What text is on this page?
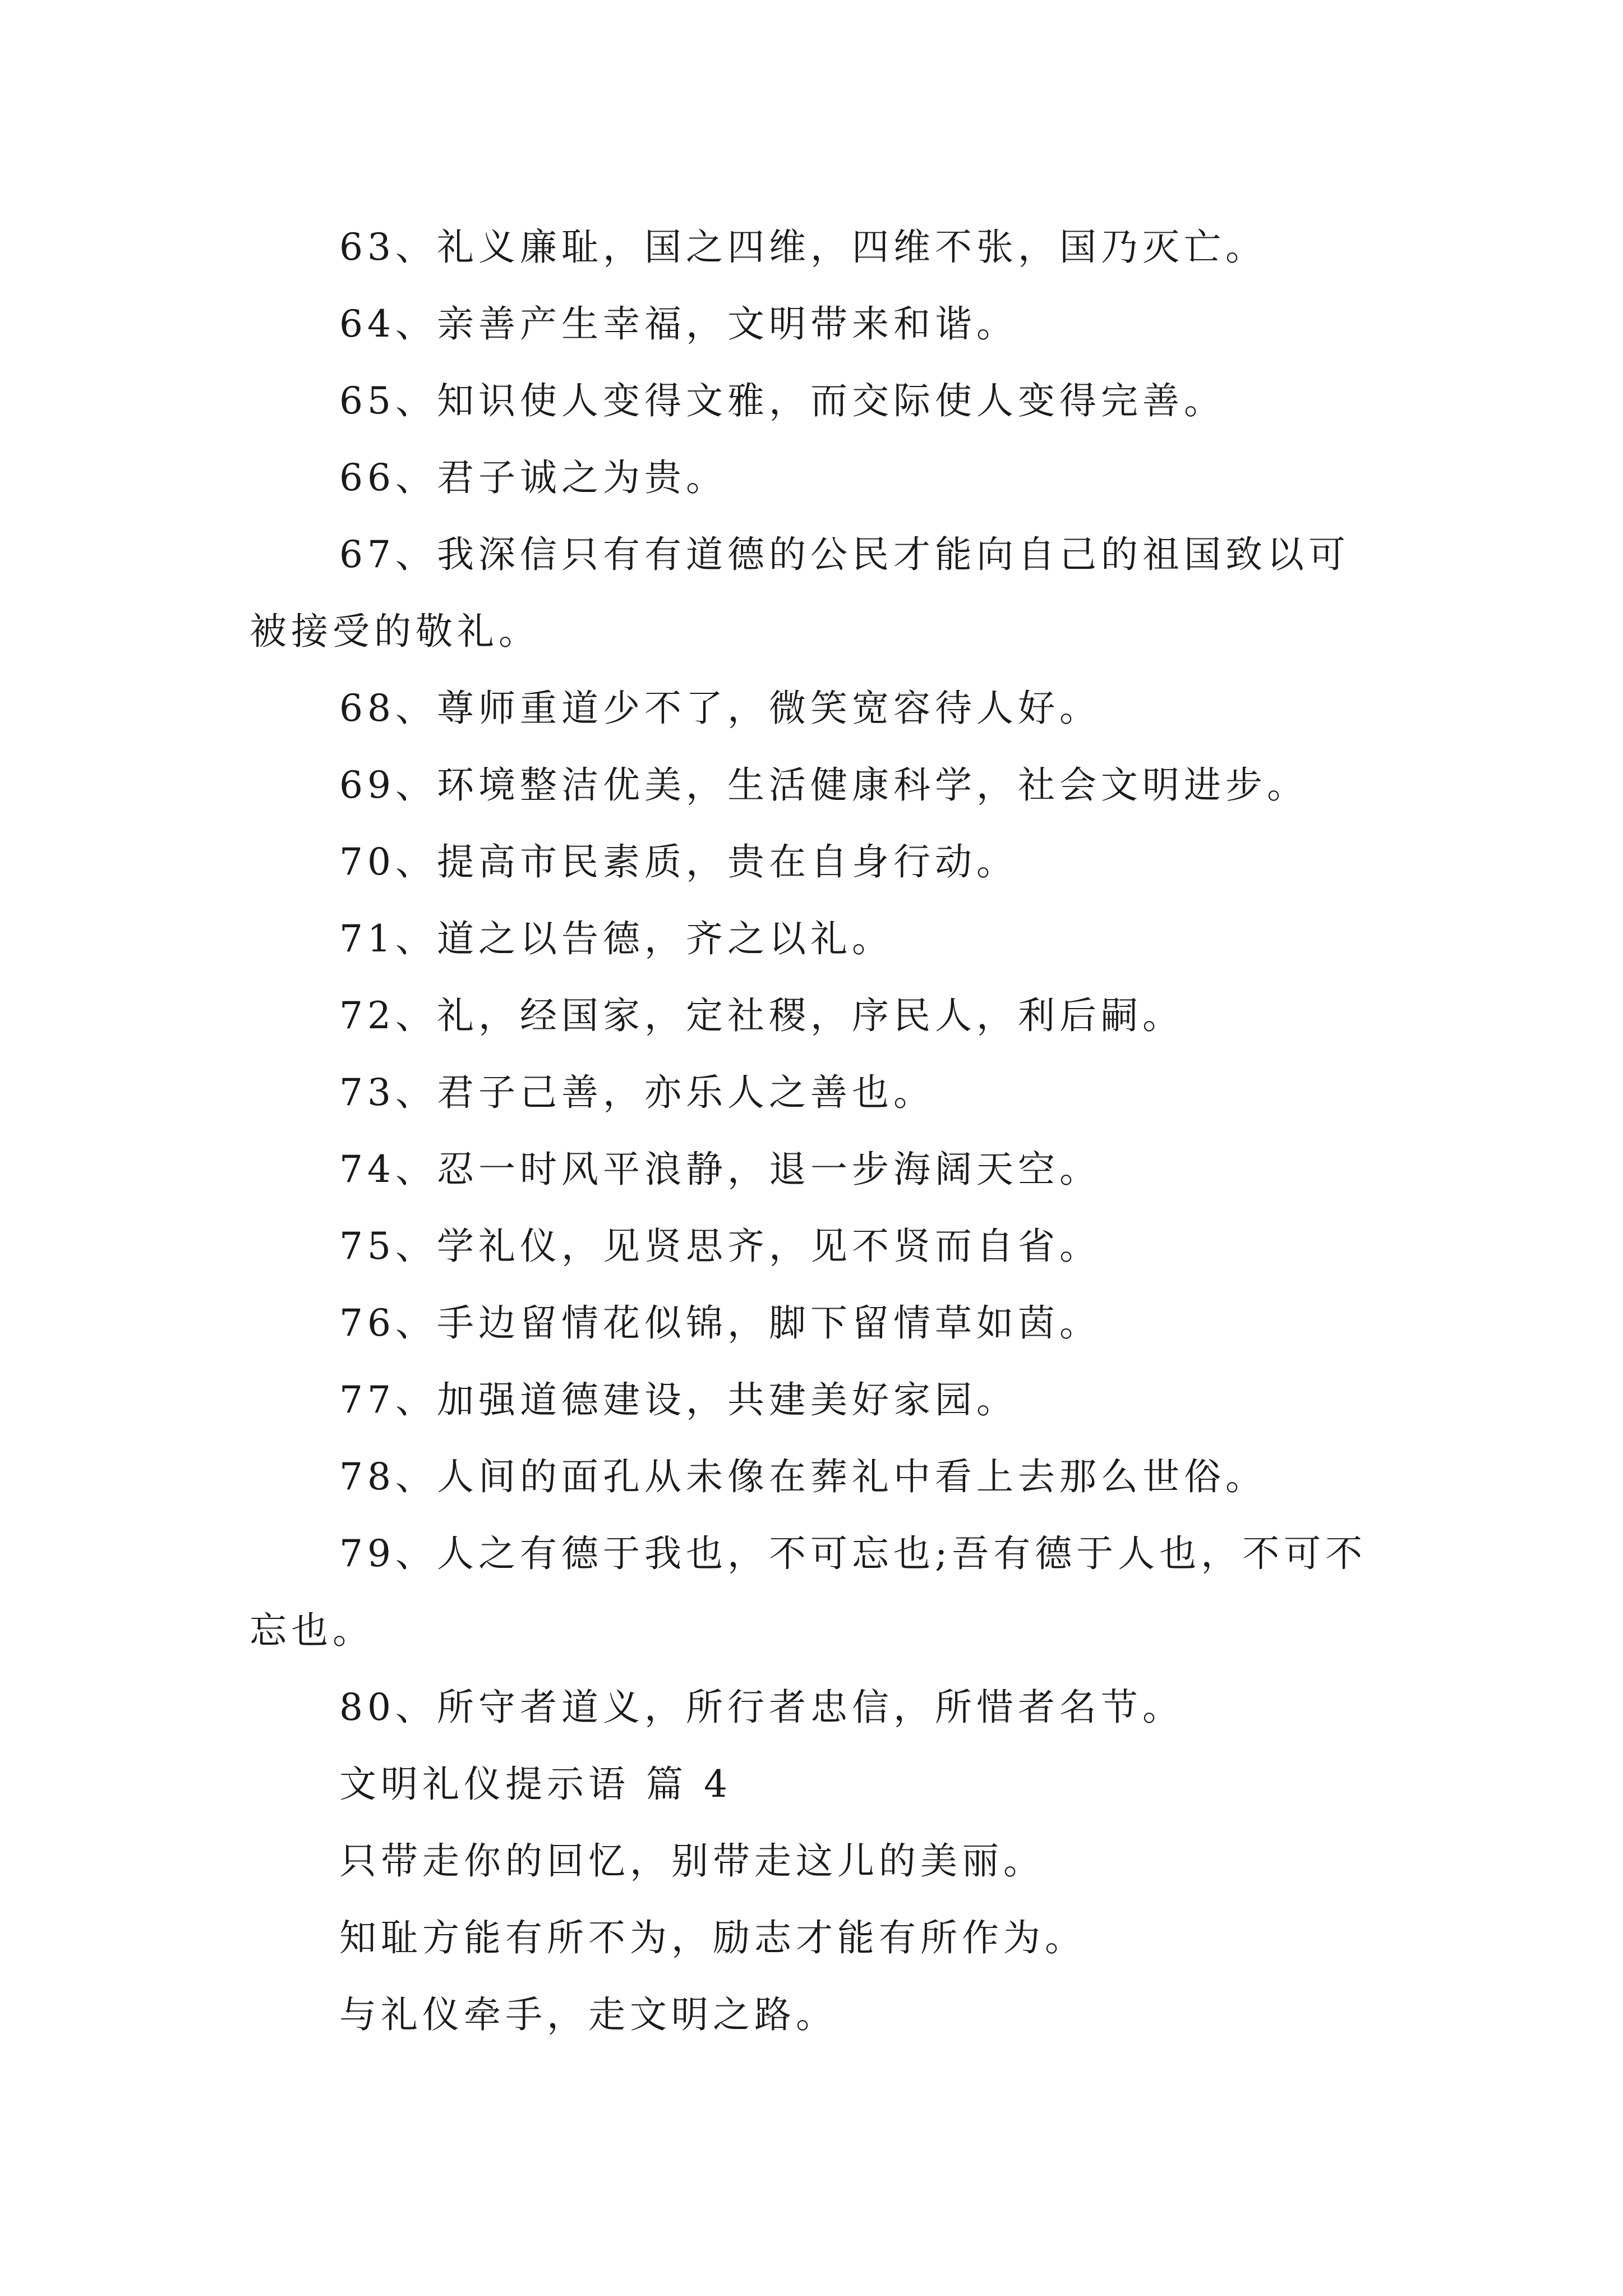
63、礼义廉耻，国之四维，四维不张，国乃灭亡。

64、亲善产生幸福，文明带来和谐。

65、知识使人变得文雅，而交际使人变得完善。

66、君子诚之为贵。

67、我深信只有有道德的公民才能向自己的祖国致以可被接受的敬礼。

68、尊师重道少不了，微笑宽容待人好。

69、环境整洁优美，生活健康科学，社会文明进步。

70、提高市民素质，贵在自身行动。

71、道之以告德，齐之以礼。

72、礼，经国家，定社稷，序民人，利后嗣。

73、君子己善，亦乐人之善也。

74、忍一时风平浪静，退一步海阔天空。

75、学礼仪，见贤思齐，见不贤而自省。

76、手边留情花似锦，脚下留情草如茵。

77、加强道德建设，共建美好家园。

78、人间的面孔从未像在葬礼中看上去那么世俗。

79、人之有德于我也，不可忘也;吾有德于人也，不可不忘也。

80、所守者道义，所行者忠信，所惜者名节。

文明礼仪提示语 篇 4

只带走你的回忆，别带走这儿的美丽。

知耻方能有所不为，励志才能有所作为。

与礼仪牵手，走文明之路。
